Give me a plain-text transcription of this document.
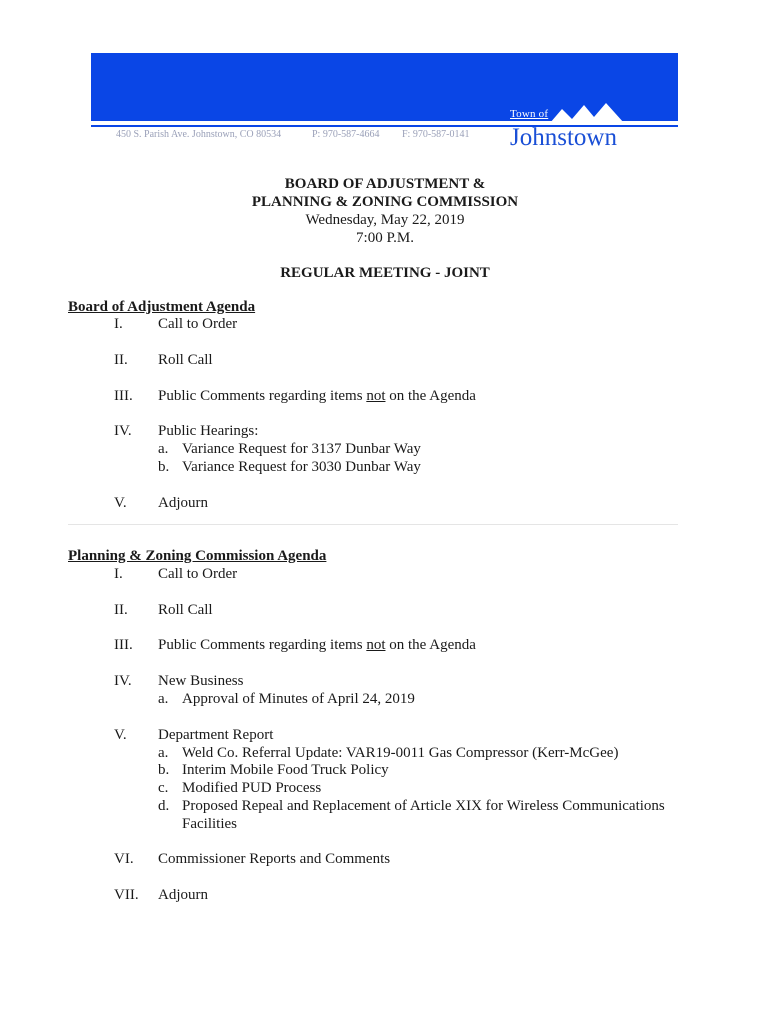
Town of
450 S. Parish Ave. Johnstown, CO 80534	P: 970-587-4664 F: 970-587-0141 Johnstown
BOARD OF ADJUSTMENT &
PLANNING & ZONING COMMISSION
Wednesday, May 22, 2019
7:00 P.M.
REGULAR MEETING - JOINT
Board of Adjustment Agenda
I. Call to Order
II. Roll Call
III. Public Comments regarding items not on the Agenda
IV. Public Hearings:
a. Variance Request for 3137 Dunbar Way
b. Variance Request for 3030 Dunbar Way
V. Adjourn
Planning & Zoning Commission Agenda
I. Call to Order
II. Roll Call
III. Public Comments regarding items not on the Agenda
IV. New Business
a. Approval of Minutes of April 24, 2019
V. Department Report
a. Weld Co. Referral Update: VAR19-0011 Gas Compressor (Kerr-McGee)
b. Interim Mobile Food Truck Policy
c. Modified PUD Process
d. Proposed Repeal and Replacement of Article XIX for Wireless Communications
Facilities
VI. Commissioner Reports and Comments
VII. Adjourn
